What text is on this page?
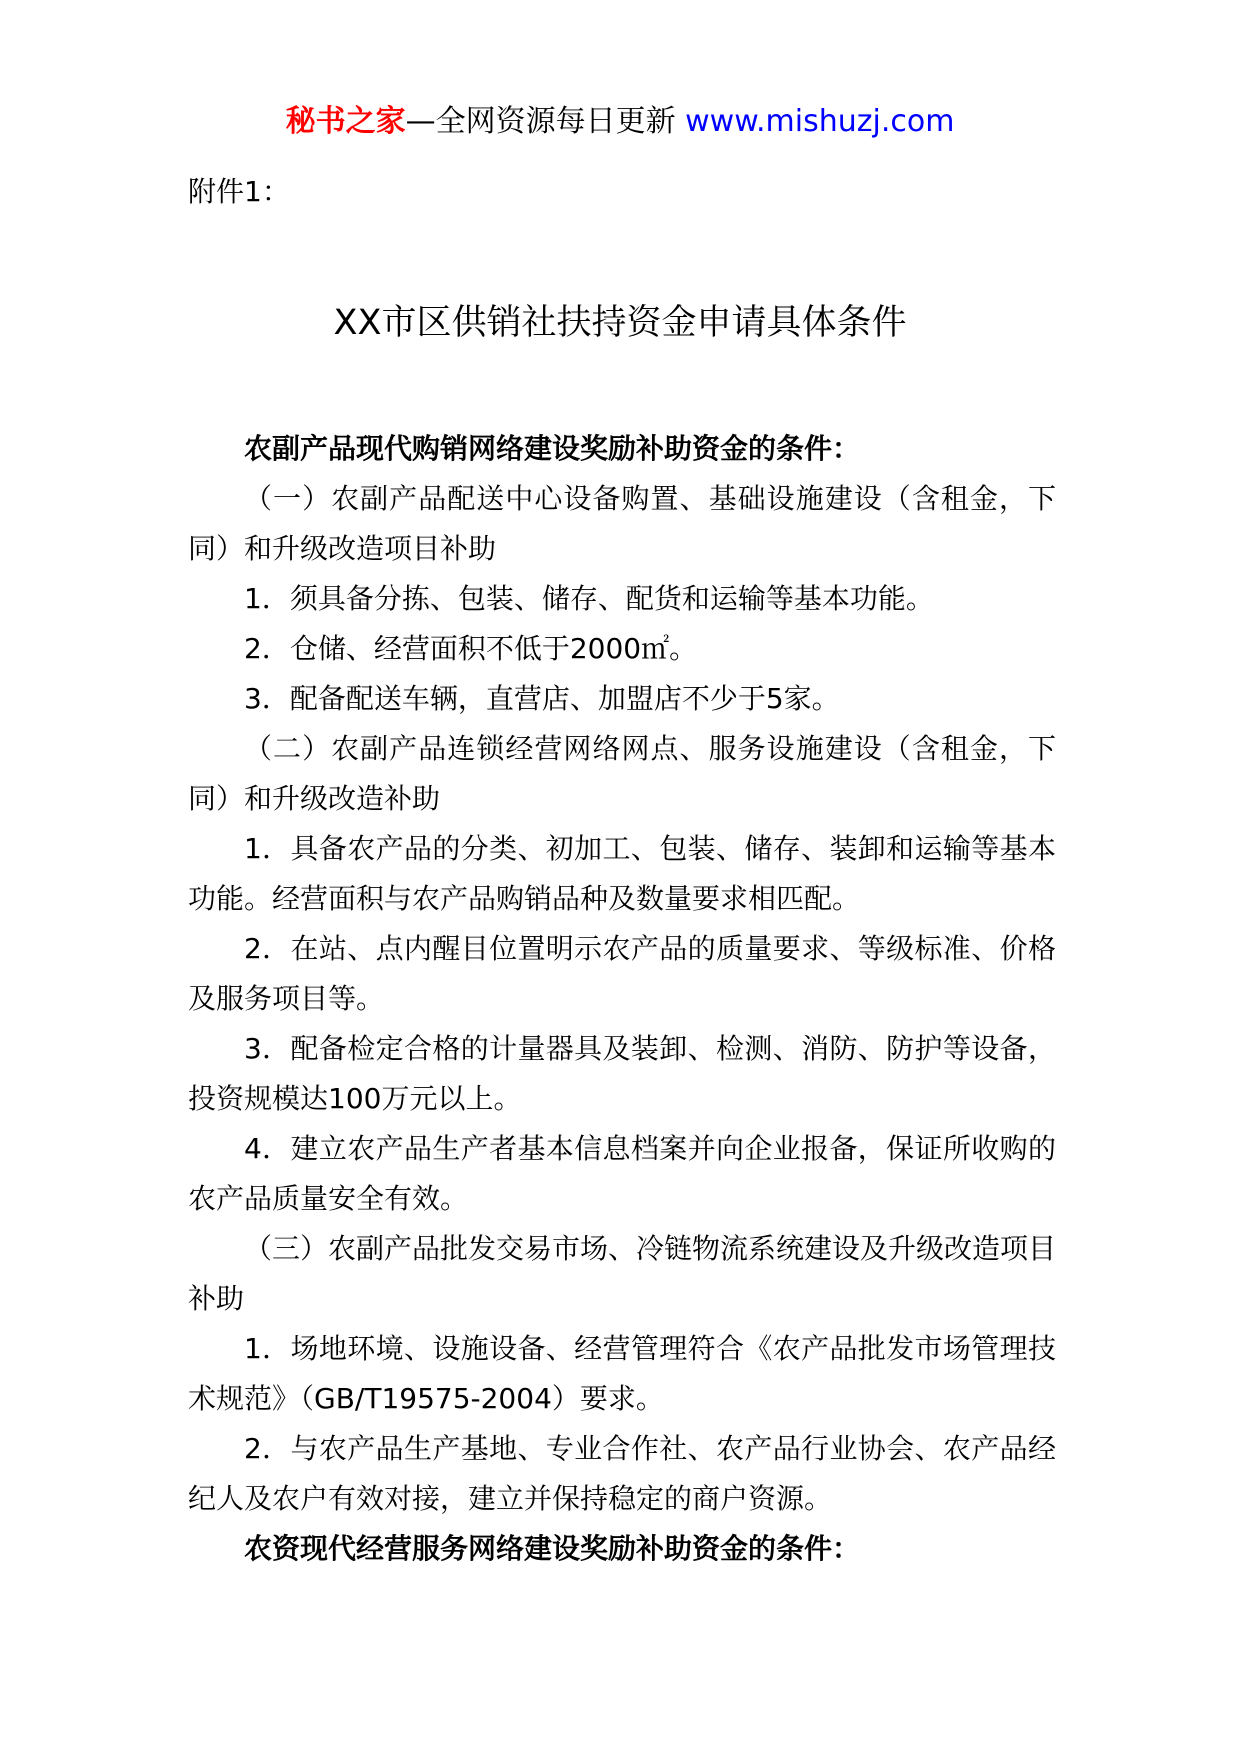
秘书之家—全网资源每日更新 www.mishuzj.com
附件1：
XX市区供销社扶持资金申请具体条件

农副产品现代购销网络建设奖励补助资金的条件：

（一）农副产品配送中心设备购置、基础设施建设（含租金，下同）和升级改造项目补助

1．须具备分拣、包装、储存、配货和运输等基本功能。

2．仓储、经营面积不低于2000㎡。

3．配备配送车辆，直营店、加盟店不少于5家。

（二）农副产品连锁经营网络网点、服务设施建设（含租金，下同）和升级改造补助

1．具备农产品的分类、初加工、包装、储存、装卸和运输等基本功能。经营面积与农产品购销品种及数量要求相匹配。

2．在站、点内醒目位置明示农产品的质量要求、等级标准、价格及服务项目等。

3．配备检定合格的计量器具及装卸、检测、消防、防护等设备，投资规模达100万元以上。

4．建立农产品生产者基本信息档案并向企业报备，保证所收购的农产品质量安全有效。

（三）农副产品批发交易市场、冷链物流系统建设及升级改造项目补助

1．场地环境、设施设备、经营管理符合《农产品批发市场管理技术规范》（GB/T19575-2004）要求。

2．与农产品生产基地、专业合作社、农产品行业协会、农产品经纪人及农户有效对接，建立并保持稳定的商户资源。

农资现代经营服务网络建设奖励补助资金的条件：
